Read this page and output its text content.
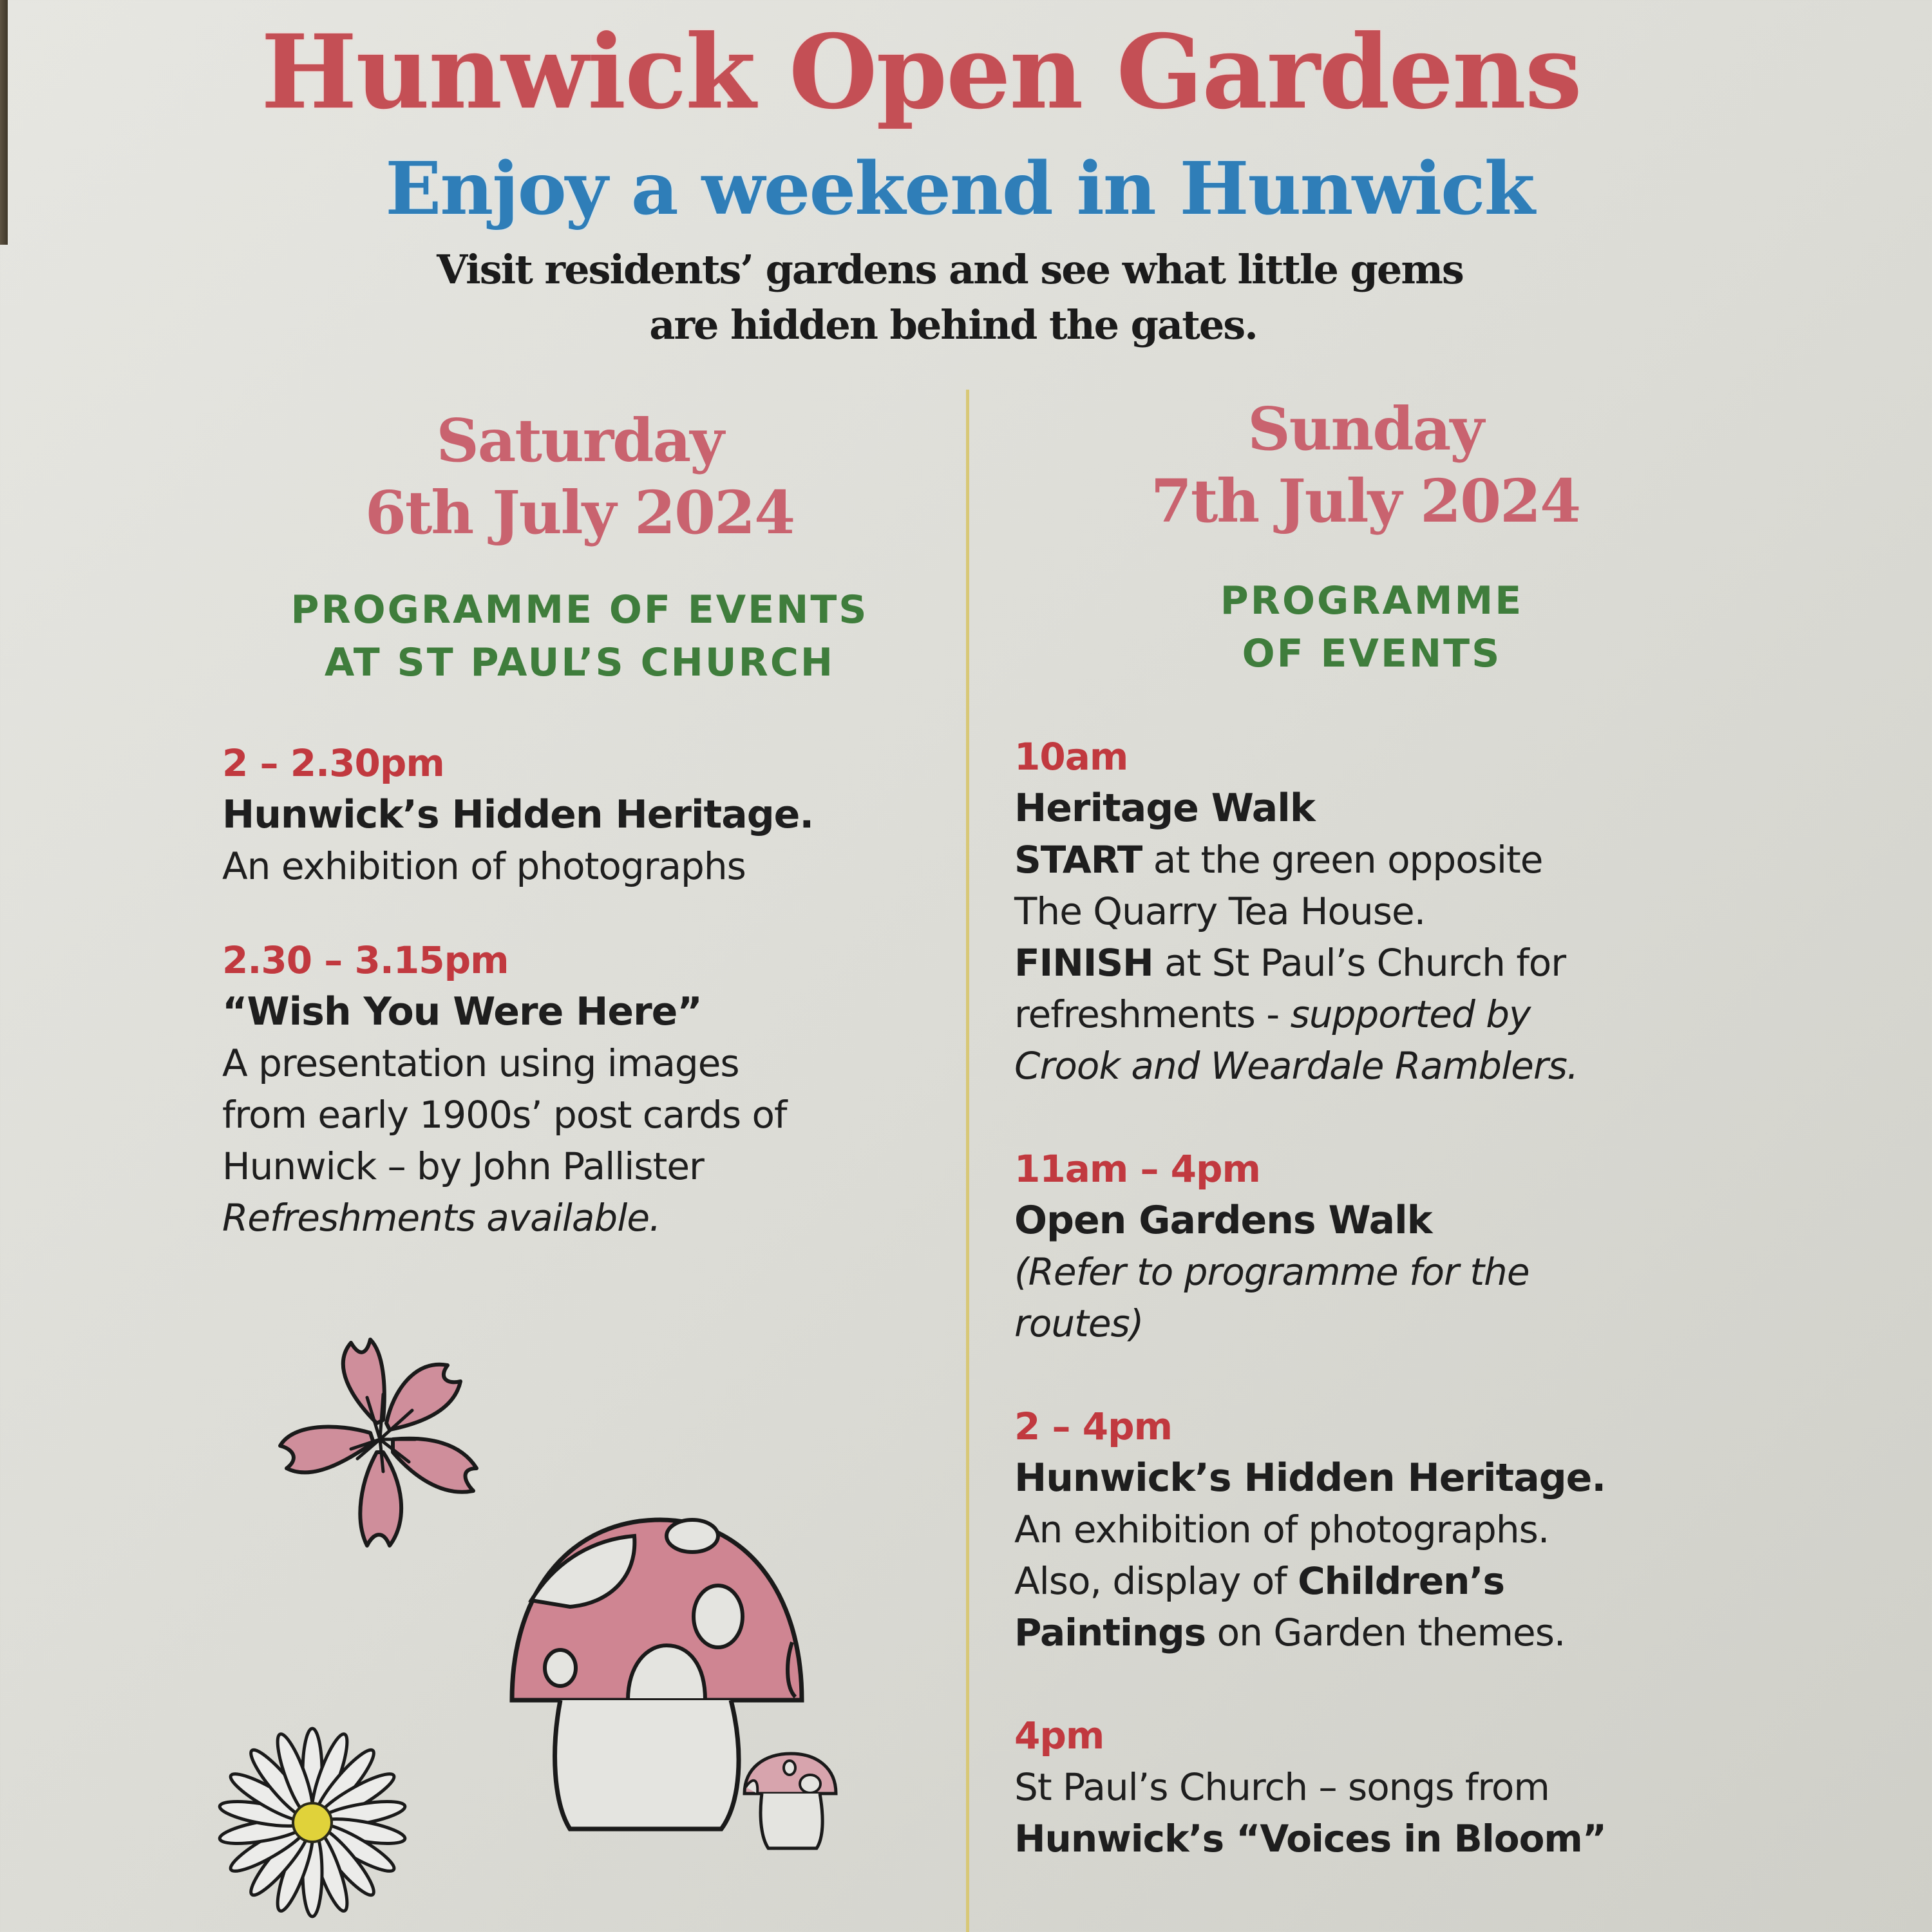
Hunwick Open Gardens
Enjoy a weekend in Hunwick
Visit residents’ gardens and see what little gems
are hidden behind the gates.
Saturday
6th July 2024
PROGRAMME OF EVENTS
AT ST PAUL’S CHURCH
2 – 2.30pm
Hunwick’s Hidden Heritage.
An exhibition of photographs
2.30 – 3.15pm
“Wish You Were Here”
A presentation using images
from early 1900s’ post cards of
Hunwick – by John Pallister
Refreshments available.
Sunday
7th July 2024
PROGRAMME
OF EVENTS
10am
Heritage Walk
START at the green opposite
The Quarry Tea House.
FINISH at St Paul’s Church for
refreshments - supported by
Crook and Weardale Ramblers.
11am – 4pm
Open Gardens Walk
(Refer to programme for the
routes)
2 – 4pm
Hunwick’s Hidden Heritage.
An exhibition of photographs.
Also, display of Children’s
Paintings on Garden themes.
4pm
St Paul’s Church – songs from
Hunwick’s “Voices in Bloom”
